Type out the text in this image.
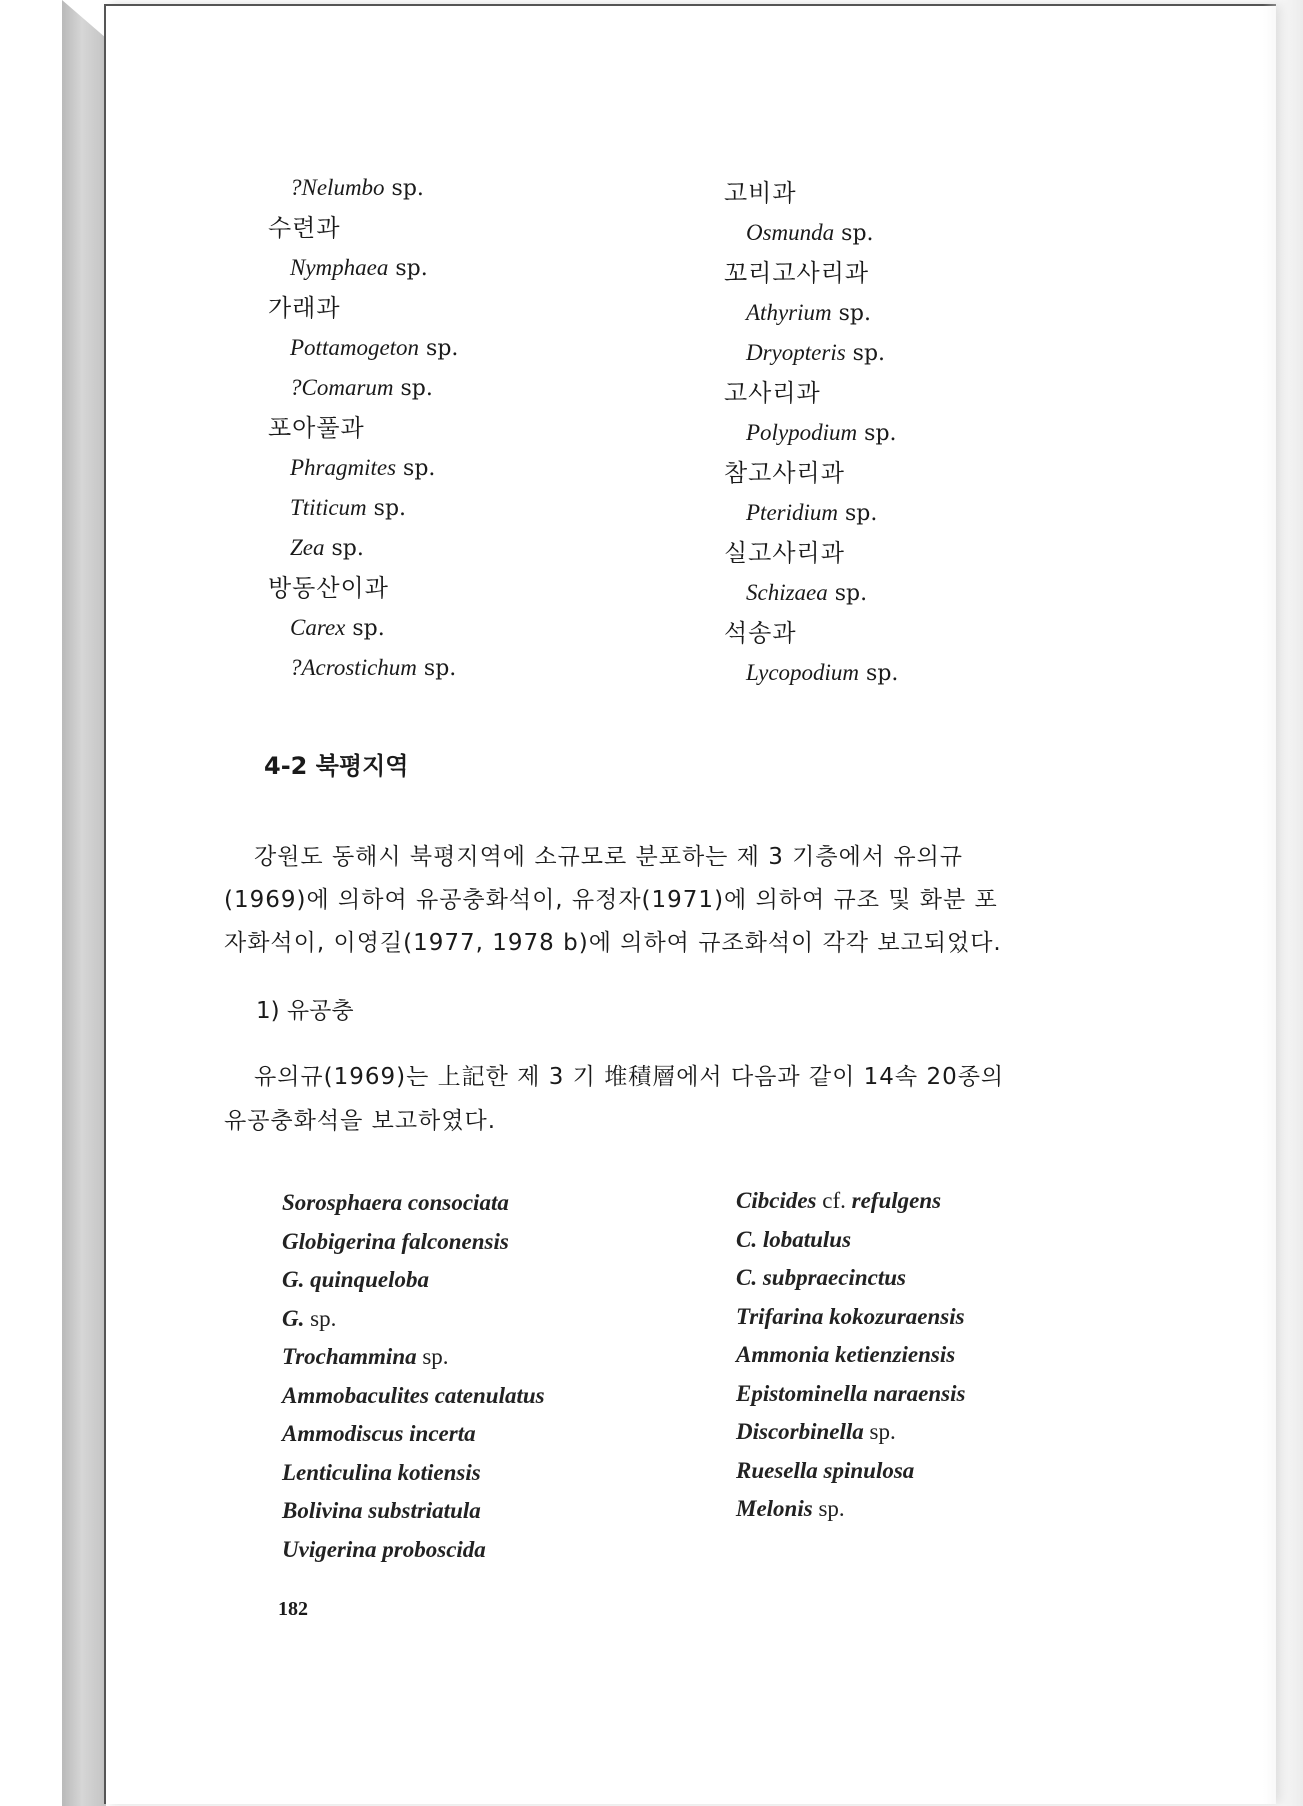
?Nelumbo sp.
수련과
Nymphaea sp.
가래과
Pottamogeton sp.
?Comarum sp.
포아풀과
Phragmites sp.
Ttiticum sp.
Zea sp.
방동산이과
Carex sp.
?Acrostichum sp.
고비과
Osmunda sp.
꼬리고사리과
Athyrium sp.
Dryopteris sp.
고사리과
Polypodium sp.
참고사리과
Pteridium sp.
실고사리과
Schizaea sp.
석송과
Lycopodium sp.
4-2 북평지역
강원도 동해시 북평지역에 소규모로 분포하는 제 3 기층에서 유의규
(1969)에 의하여 유공충화석이, 유정자(1971)에 의하여 규조 및 화분 포
자화석이, 이영길(1977, 1978 b)에 의하여 규조화석이 각각 보고되었다.
1) 유공충
유의규(1969)는 上記한 제 3 기 堆積層에서 다음과 같이 14속 20종의
유공충화석을 보고하였다.
Sorosphaera consociata
Globigerina falconensis
G. quinqueloba
G. sp.
Trochammina sp.
Ammobaculites catenulatus
Ammodiscus incerta
Lenticulina kotiensis
Bolivina substriatula
Uvigerina proboscida
Cibcides cf. refulgens
C. lobatulus
C. subpraecinctus
Trifarina kokozuraensis
Ammonia ketienziensis
Epistominella naraensis
Discorbinella sp.
Ruesella spinulosa
Melonis sp.
182
